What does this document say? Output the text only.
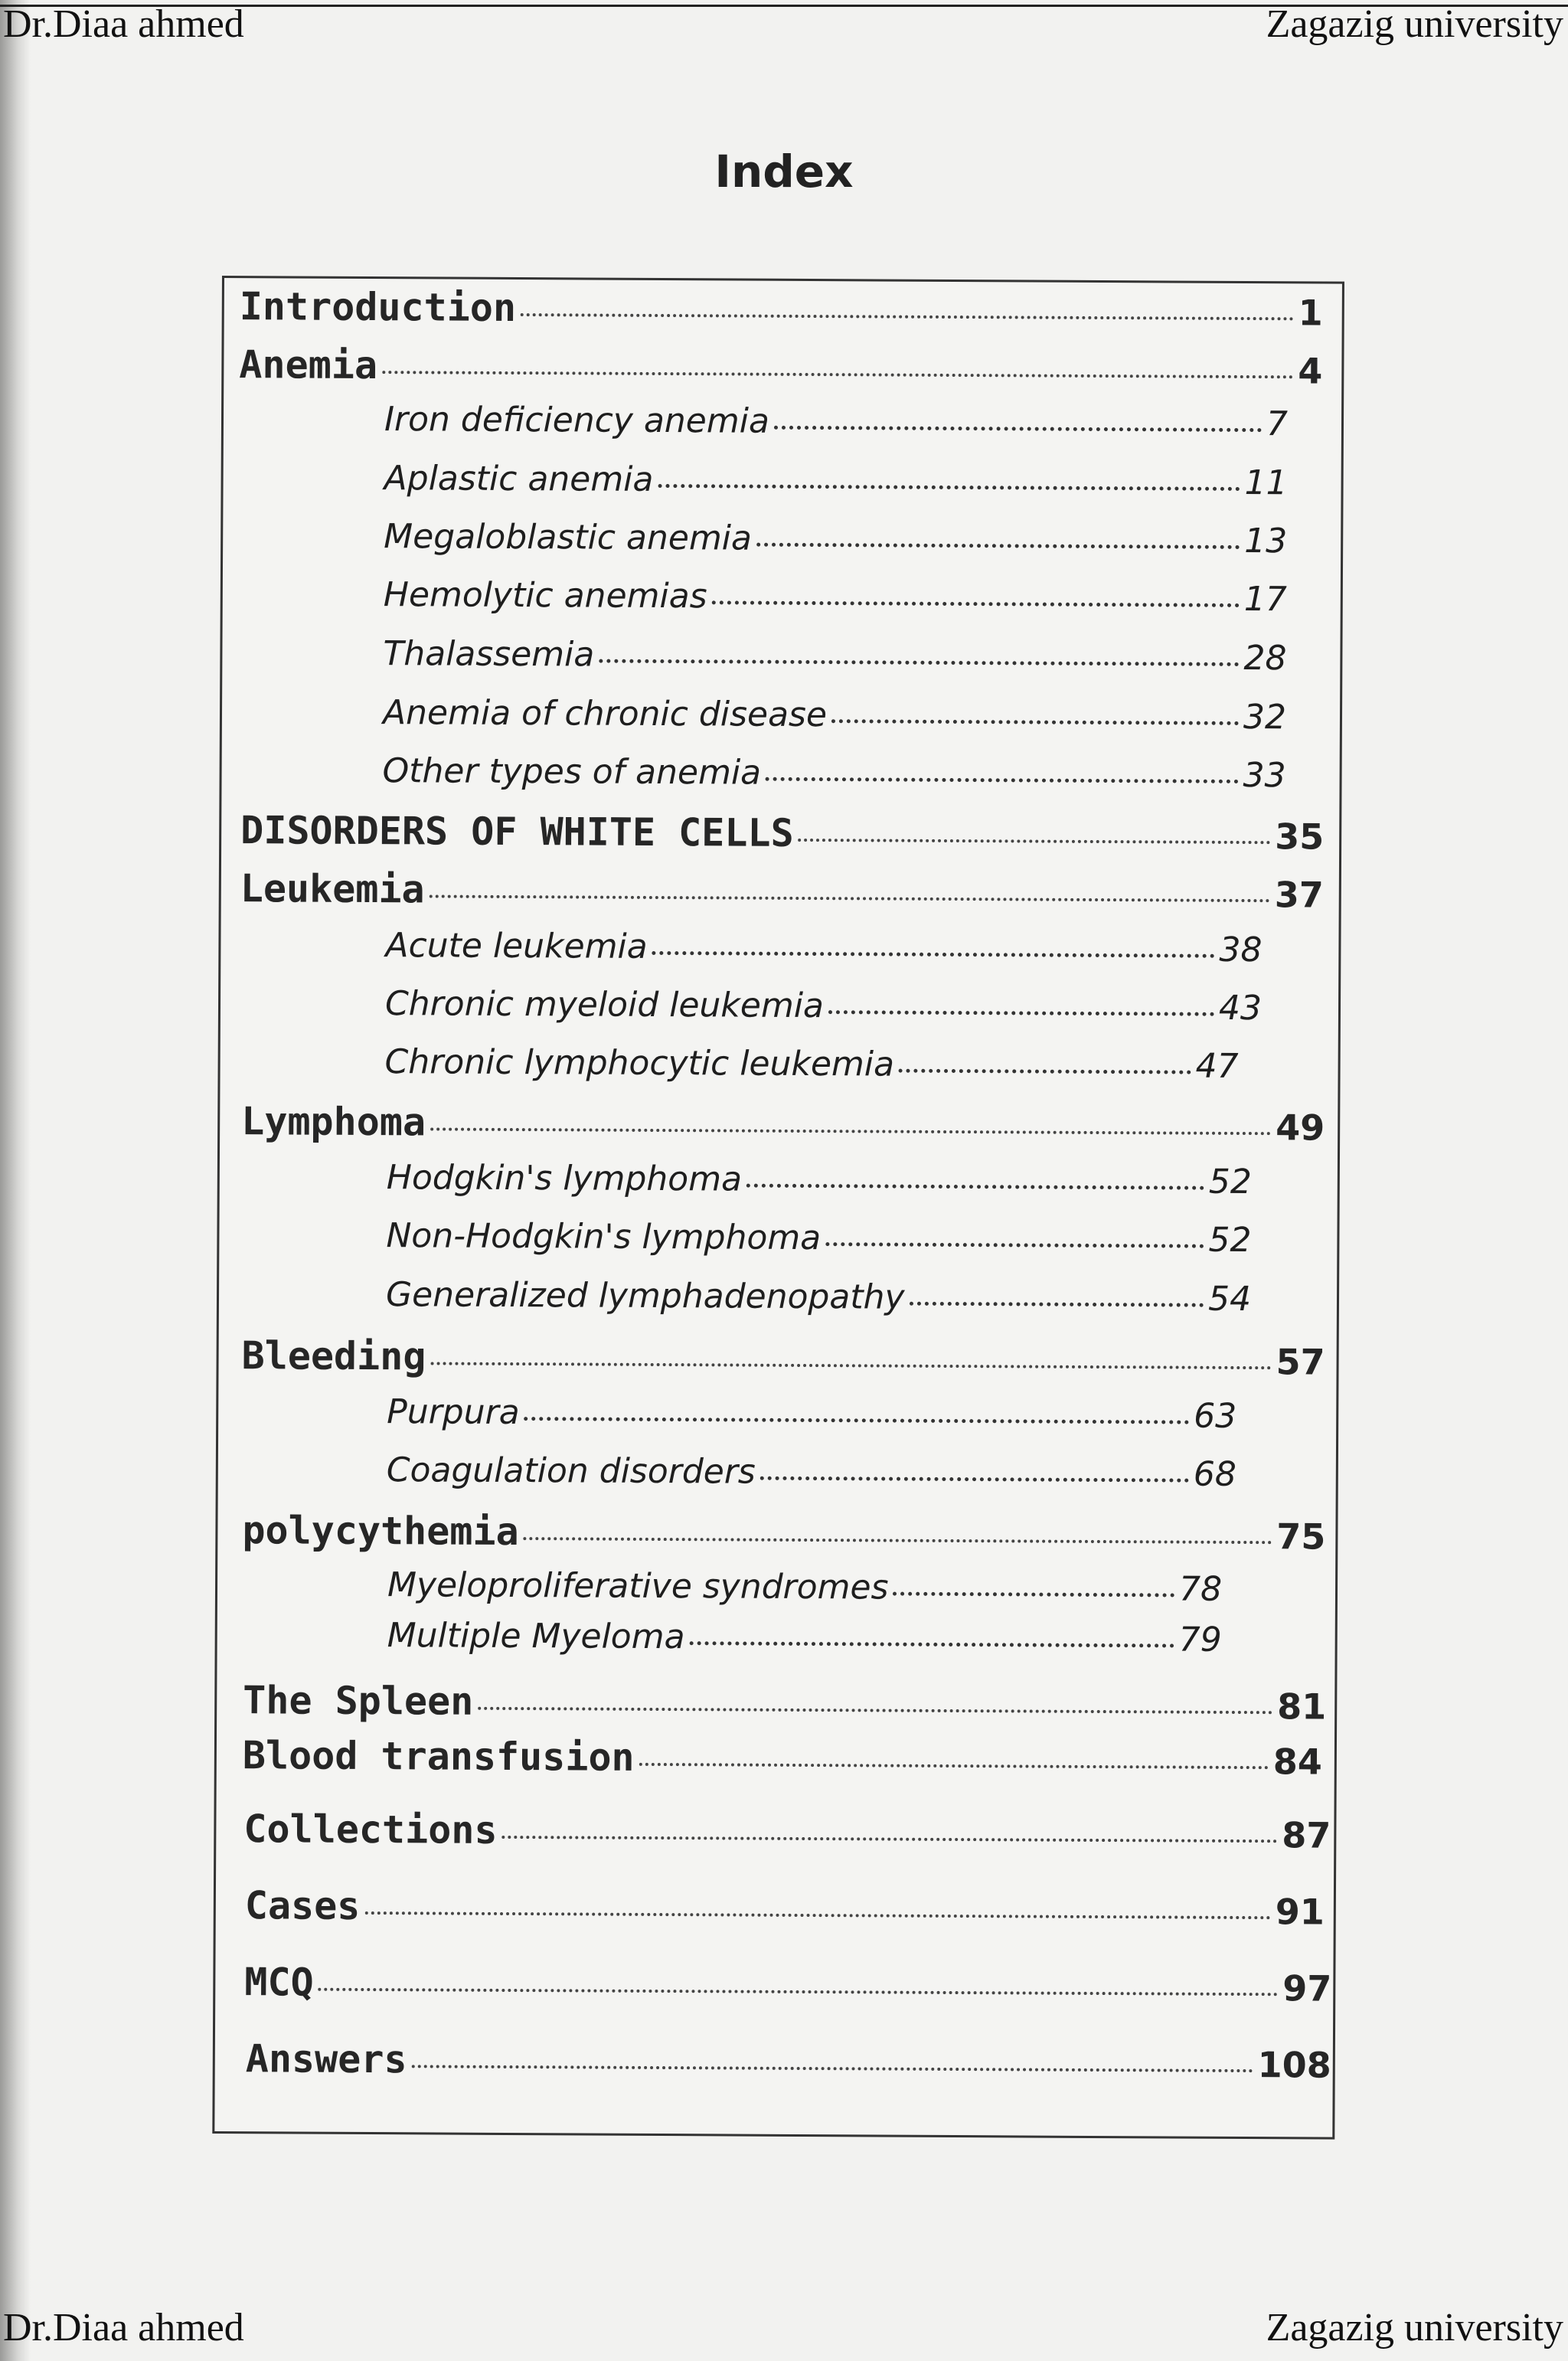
Dr.Diaa ahmed	Zagazig university
Index
Introduction	1
Anemia	4
Iron deficiency anemia	7
Aplastic anemia	11
Megaloblastic anemia	13
Hemolytic anemias	17
Thalassemia	28
Anemia of chronic disease	32
Other types of anemia	33
DISORDERS OF WHITE CELLS	35
Leukemia	37
Acute leukemia	38
Chronic myeloid leukemia	43
Chronic lymphocytic leukemia	47
Lymphoma	49
Hodgkin's lymphoma	52
Non-Hodgkin's lymphoma	52
Generalized lymphadenopathy	54
Bleeding	57
Purpura	63
Coagulation disorders	68
polycythemia	75
Myeloproliferative syndromes	78
Multiple Myeloma	79
The Spleen	81
Blood transfusion	84
Collections	87
Cases	91
MCQ	97
Answers	108
Dr.Diaa ahmed	Zagazig university
